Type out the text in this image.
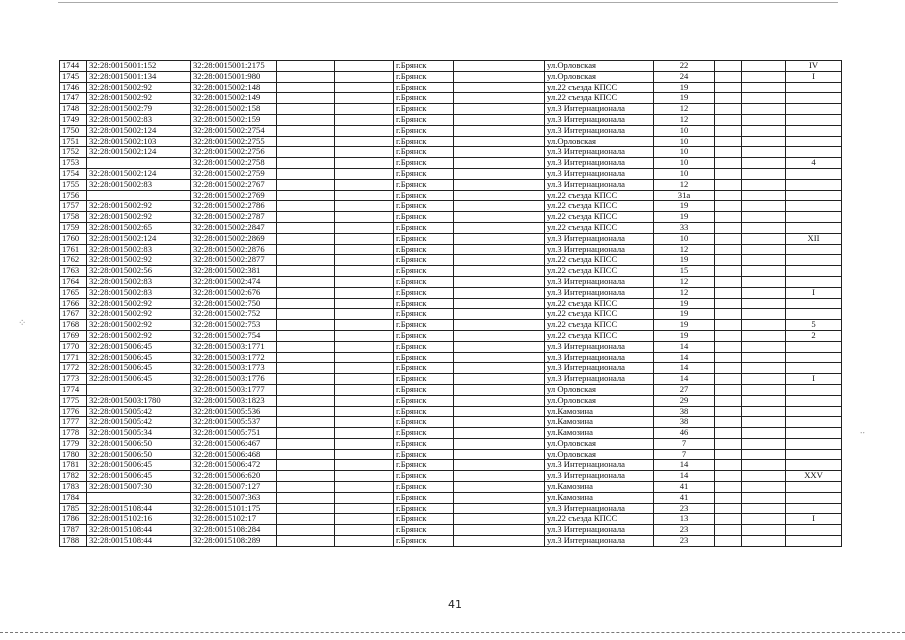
⁘
∙∙
1744	32:28:0015001:152	32:28:0015001:2175			г.Брянск		ул.Орловская	22			IV
1745	32:28:0015001:134	32:28:0015001:980			г.Брянск		ул.Орловская	24			I
1746	32:28:0015002:92	32:28:0015002:148			г.Брянск		ул.22 съезда КПСС	19			
1747	32:28:0015002:92	32:28:0015002:149			г.Брянск		ул.22 съезда КПСС	19			
1748	32:28:0015002:79	32:28:0015002:158			г.Брянск		ул.3 Интернационала	12			
1749	32:28:0015002:83	32:28:0015002:159			г.Брянск		ул.3 Интернационала	12			
1750	32:28:0015002:124	32:28:0015002:2754			г.Брянск		ул.3 Интернационала	10			
1751	32:28:0015002:103	32:28:0015002:2755			г.Брянск		ул.Орловская	10			
1752	32:28:0015002:124	32:28:0015002:2756			г.Брянск		ул.3 Интернационала	10			
1753		32:28:0015002:2758			г.Брянск		ул.3 Интернационала	10			4
1754	32:28:0015002:124	32:28:0015002:2759			г.Брянск		ул.3 Интернационала	10			
1755	32:28:0015002:83	32:28:0015002:2767			г.Брянск		ул.3 Интернационала	12			
1756		32:28:0015002:2769			г.Брянск		ул.22 съезда КПСС	31а			
1757	32:28:0015002:92	32:28:0015002:2786			г.Брянск		ул.22 съезда КПСС	19			
1758	32:28:0015002:92	32:28:0015002:2787			г.Брянск		ул.22 съезда КПСС	19			
1759	32:28:0015002:65	32:28:0015002:2847			г.Брянск		ул.22 съезда КПСС	33			
1760	32:28:0015002:124	32:28:0015002:2869			г.Брянск		ул.3 Интернационала	10			XII
1761	32:28:0015002:83	32:28:0015002:2876			г.Брянск		ул.3 Интернационала	12			
1762	32:28:0015002:92	32:28:0015002:2877			г.Брянск		ул.22 съезда КПСС	19			
1763	32:28:0015002:56	32:28:0015002:381			г.Брянск		ул.22 съезда КПСС	15			
1764	32:28:0015002:83	32:28:0015002:474			г.Брянск		ул.3 Интернационала	12			
1765	32:28:0015002:83	32:28:0015002:676			г.Брянск		ул.3 Интернационала	12			I
1766	32:28:0015002:92	32:28:0015002:750			г.Брянск		ул.22 съезда КПСС	19			
1767	32:28:0015002:92	32:28:0015002:752			г.Брянск		ул.22 съезда КПСС	19			
1768	32:28:0015002:92	32:28:0015002:753			г.Брянск		ул.22 съезда КПСС	19			5
1769	32:28:0015002:92	32:28:0015002:754			г.Брянск		ул.22 съезда КПСС	19			2
1770	32:28:0015006:45	32:28:0015003:1771			г.Брянск		ул.3 Интернационала	14			
1771	32:28:0015006:45	32:28:0015003:1772			г.Брянск		ул.3 Интернационала	14			
1772	32:28:0015006:45	32:28:0015003:1773			г.Брянск		ул.3 Интернационала	14			
1773	32:28:0015006:45	32:28:0015003:1776			г.Брянск		ул.3 Интернационала	14			I
1774		32:28:0015003:1777			г.Брянск		ул Орловская	27			
1775	32:28:0015003:1780	32:28:0015003:1823			г.Брянск		ул.Орловская	29			
1776	32:28:0015005:42	32:28:0015005:536			г.Брянск		ул.Камозина	38			
1777	32:28:0015005:42	32:28:0015005:537			г.Брянск		ул.Камозина	38			
1778	32:28:0015005:34	32:28:0015005:751			г.Брянск		ул.Камозина	46			
1779	32:28:0015006:50	32:28:0015006:467			г.Брянск		ул.Орловская	7			
1780	32:28:0015006:50	32:28:0015006:468			г.Брянск		ул.Орловская	7			
1781	32:28:0015006:45	32:28:0015006:472			г.Брянск		ул.3 Интернационала	14			
1782	32:28:0015006:45	32:28:0015006:620			г.Брянск		ул.3 Интернационала	14			XXV
1783	32:28:0015007:30	32:28:0015007:127			г.Брянск		ул.Камозина	41			
1784		32:28:0015007:363			г.Брянск		ул.Камозина	41			
1785	32:28:0015108:44	32:28:0015101:175			г.Брянск		ул.3 Интернационала	23			
1786	32:28:0015102:16	32:28:0015102:17			г.Брянск		ул.22 съезда КПСС	13			I
1787	32:28:0015108:44	32:28:0015108:284			г.Брянск		ул.3 Интернационала	23			
1788	32:28:0015108:44	32:28:0015108:289			г.Брянск		ул.3 Интернационала	23			
41
